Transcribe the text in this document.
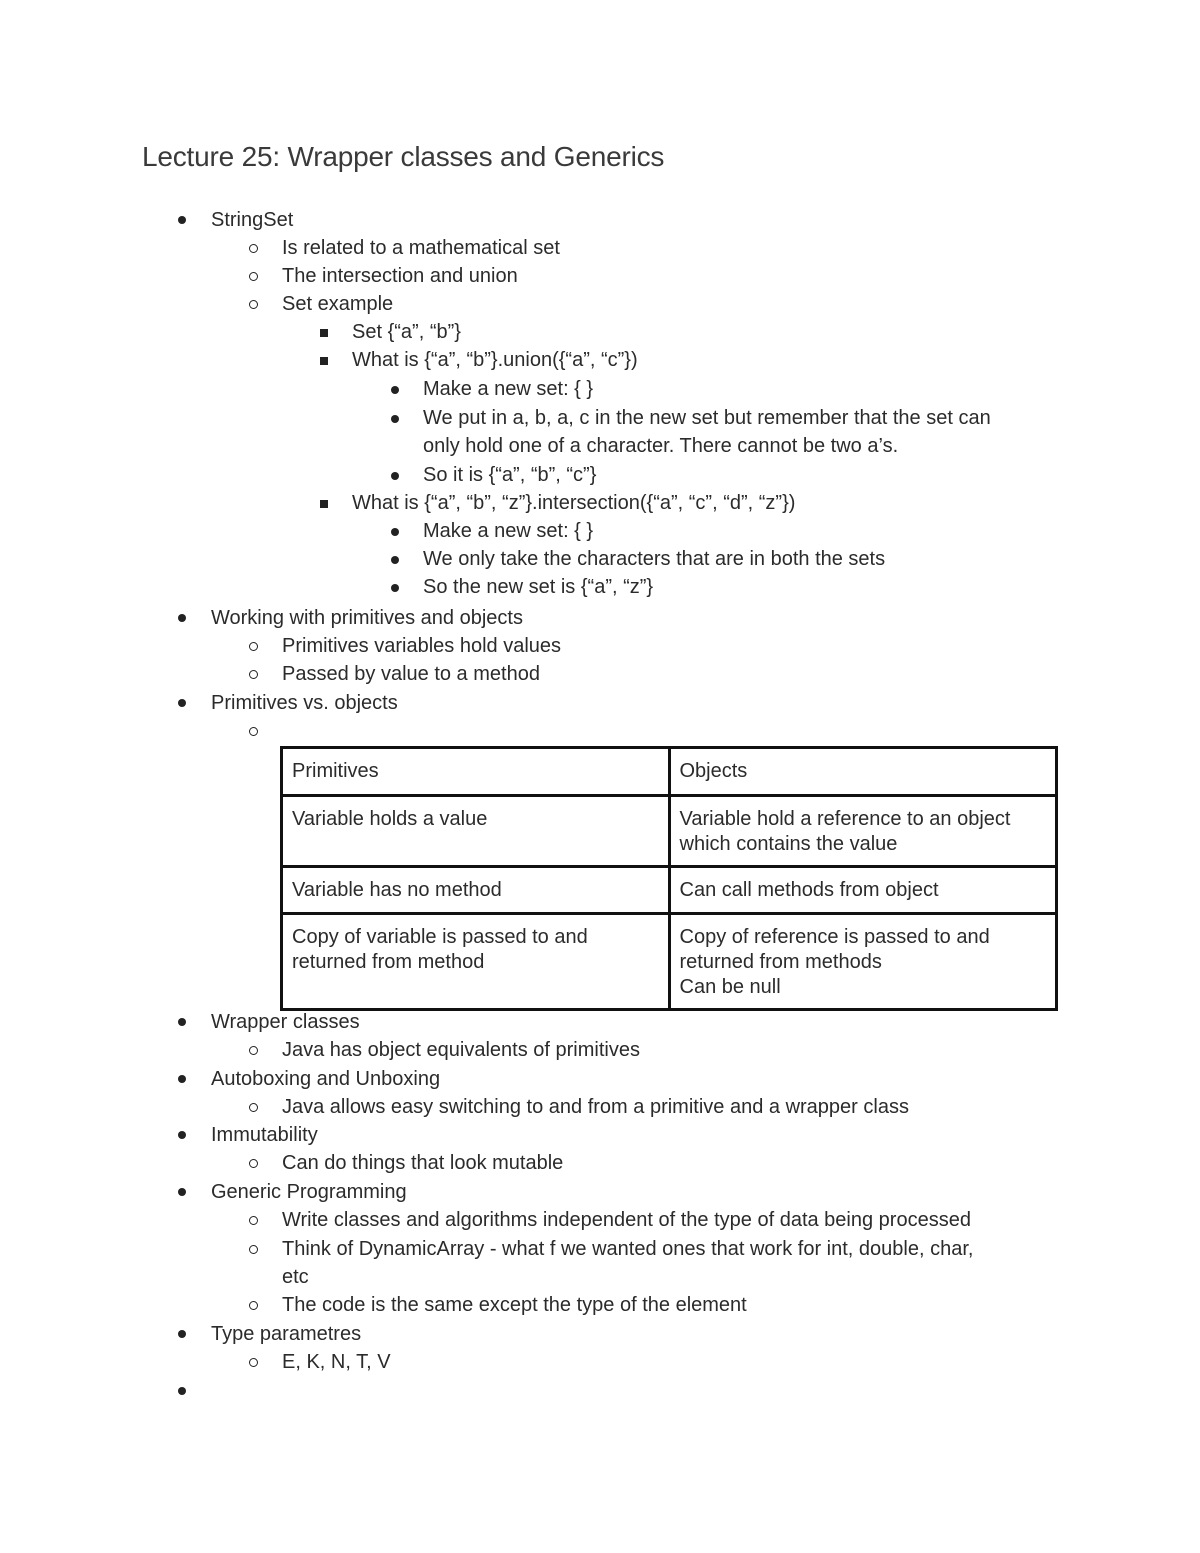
Lecture 25: Wrapper classes and Generics
StringSet
Is related to a mathematical set
The intersection and union
Set example
Set {“a”, “b”}
What is {“a”, “b”}.union({“a”, “c”})
Make a new set: { }
We put in a, b, a, c in the new set but remember that the set can
only hold one of a character. There cannot be two a’s.
So it is {“a”, “b”, “c”}
What is {“a”, “b”, “z”}.intersection({“a”, “c”, “d”, “z”})
Make a new set: { }
We only take the characters that are in both the sets
So the new set is {“a”, “z”}
Working with primitives and objects
Primitives variables hold values
Passed by value to a method
Primitives vs. objects
Primitives	Objects

Variable holds a value	Variable hold a reference to an object
which contains the value

Variable has no method	Can call methods from object

Copy of variable is passed to and
returned from method	Copy of reference is passed to and
returned from methods
Can be null
Wrapper classes
Java has object equivalents of primitives
Autoboxing and Unboxing
Java allows easy switching to and from a primitive and a wrapper class
Immutability
Can do things that look mutable
Generic Programming
Write classes and algorithms independent of the type of data being processed
Think of DynamicArray - what f we wanted ones that work for int, double, char,
etc
The code is the same except the type of the element
Type parametres
E, K, N, T, V
